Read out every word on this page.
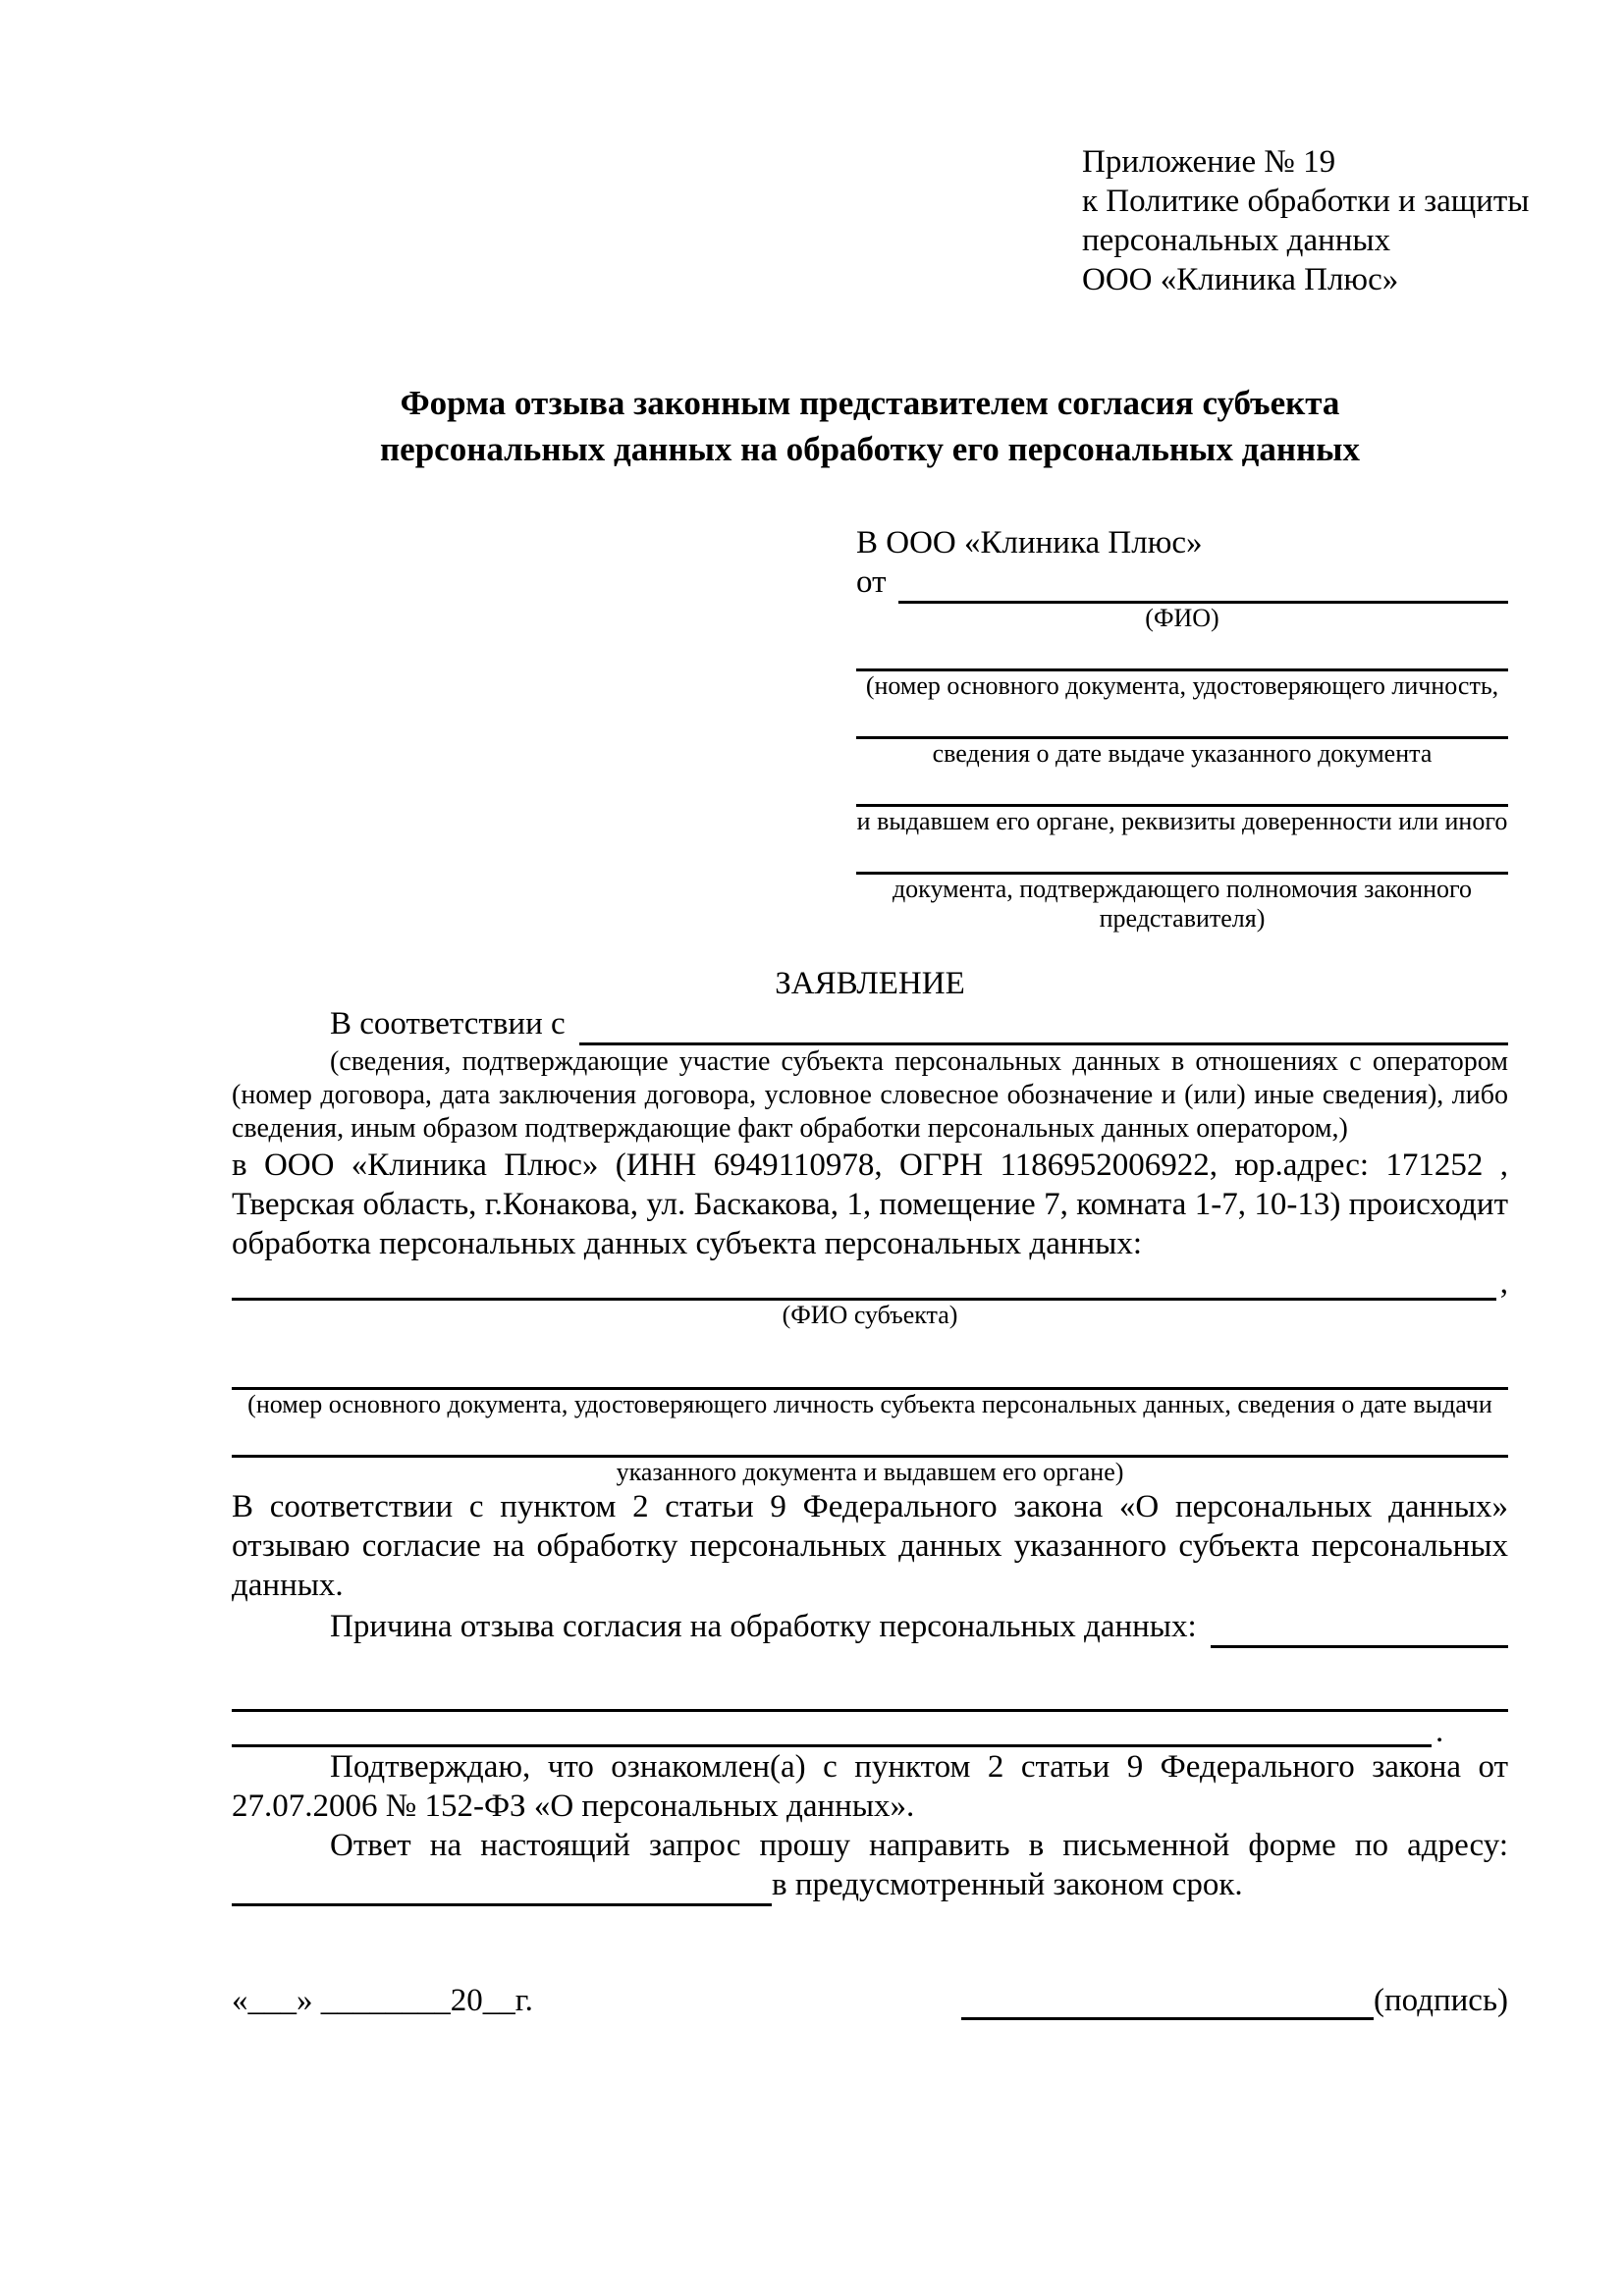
Приложение № 19
к Политике обработки и защиты
персональных данных
ООО «Клиника Плюс»
Форма отзыва законным представителем согласия субъекта
персональных данных на обработку его персональных данных
В ООО «Клиника Плюс»
от
(ФИО)
(номер основного документа, удостоверяющего личность,
сведения о дате выдаче указанного документа
и выдавшем его органе, реквизиты доверенности или иного
документа, подтверждающего полномочия законного представителя)
ЗАЯВЛЕНИЕ
В соответствии с
(сведения, подтверждающие участие субъекта персональных данных в отношениях с оператором (номер договора, дата заключения договора, условное словесное обозначение и (или) иные сведения), либо сведения, иным образом подтверждающие факт обработки персональных данных оператором,)
в ООО «Клиника Плюс» (ИНН 6949110978, ОГРН 1186952006922, юр.адрес: 171252 , Тверская область, г.Конакова, ул. Баскакова, 1, помещение 7, комната 1-7, 10-13) происходит обработка персональных данных субъекта персональных данных:
,
(ФИО субъекта)
(номер основного документа, удостоверяющего личность субъекта персональных данных, сведения о дате выдачи
указанного документа и выдавшем его органе)
В соответствии с пунктом 2 статьи 9 Федерального закона «О персональных данных» отзываю согласие на обработку персональных данных указанного субъекта персональных данных.
Причина отзыва согласия на обработку персональных данных:
.
Подтверждаю, что ознакомлен(а) с пунктом 2 статьи 9 Федерального закона от 27.07.2006 № 152-ФЗ «О персональных данных».
Ответ на настоящий запрос прошу направить в письменной форме по адресу:
в предусмотренный законом срок.
«___» ________20__г.	(подпись)
